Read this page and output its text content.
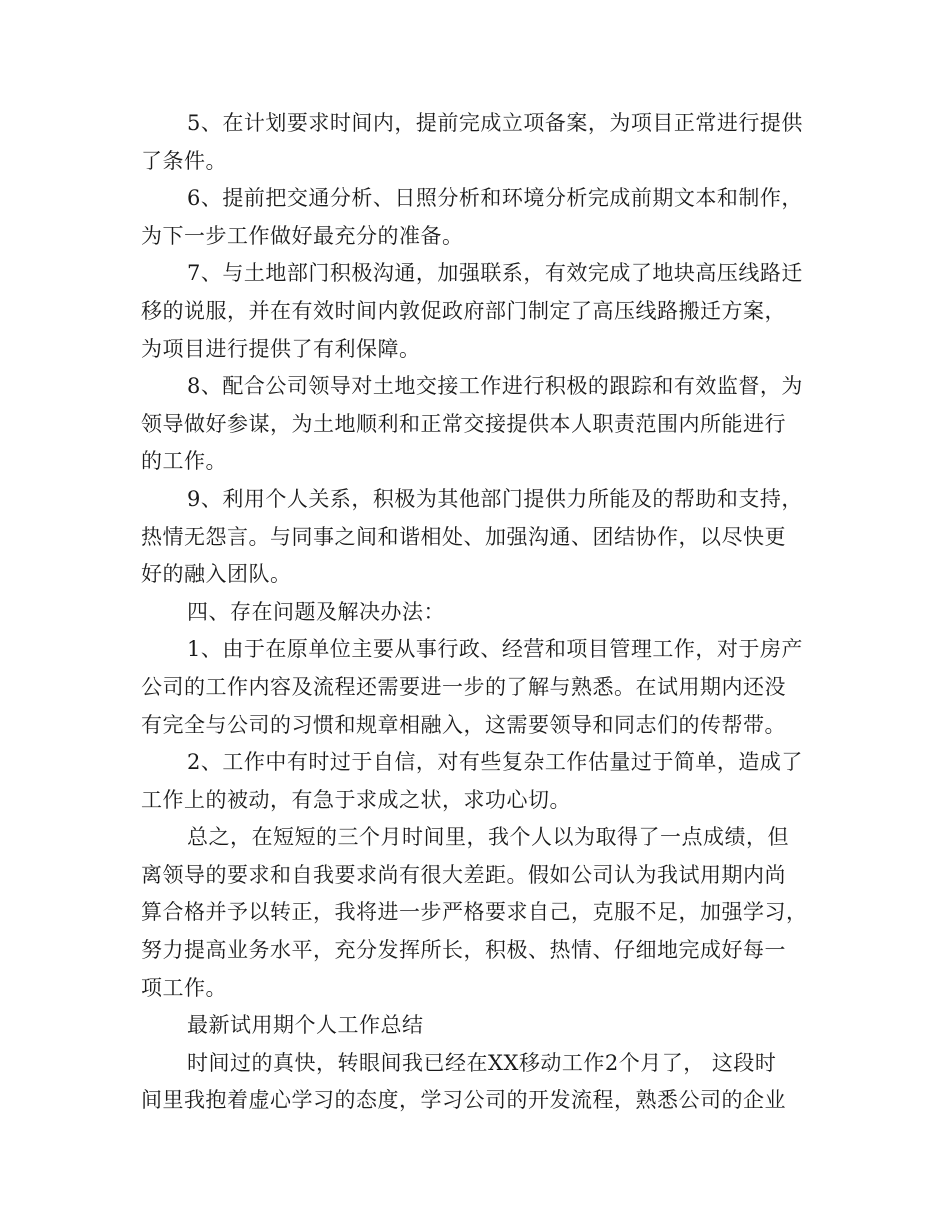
5、在计划要求时间内，提前完成立项备案，为项目正常进行提供
了条件。
6、提前把交通分析、日照分析和环境分析完成前期文本和制作，
为下一步工作做好最充分的准备。
7、与土地部门积极沟通，加强联系，有效完成了地块高压线路迁
移的说服，并在有效时间内敦促政府部门制定了高压线路搬迁方案，
为项目进行提供了有利保障。
8、配合公司领导对土地交接工作进行积极的跟踪和有效监督，为
领导做好参谋，为土地顺利和正常交接提供本人职责范围内所能进行
的工作。
9、利用个人关系，积极为其他部门提供力所能及的帮助和支持，
热情无怨言。与同事之间和谐相处、加强沟通、团结协作，以尽快更
好的融入团队。
四、存在问题及解决办法：
1、由于在原单位主要从事行政、经营和项目管理工作，对于房产
公司的工作内容及流程还需要进一步的了解与熟悉。在试用期内还没
有完全与公司的习惯和规章相融入，这需要领导和同志们的传帮带。
2、工作中有时过于自信，对有些复杂工作估量过于简单，造成了
工作上的被动，有急于求成之状，求功心切。
总之，在短短的三个月时间里，我个人以为取得了一点成绩，但
离领导的要求和自我要求尚有很大差距。假如公司认为我试用期内尚
算合格并予以转正，我将进一步严格要求自己，克服不足，加强学习，
努力提高业务水平，充分发挥所长，积极、热情、仔细地完成好每一
项工作。
最新试用期个人工作总结
时间过的真快，转眼间我已经在XX移动工作2个月了， 这段时
间里我抱着虚心学习的态度，学习公司的开发流程，熟悉公司的企业
